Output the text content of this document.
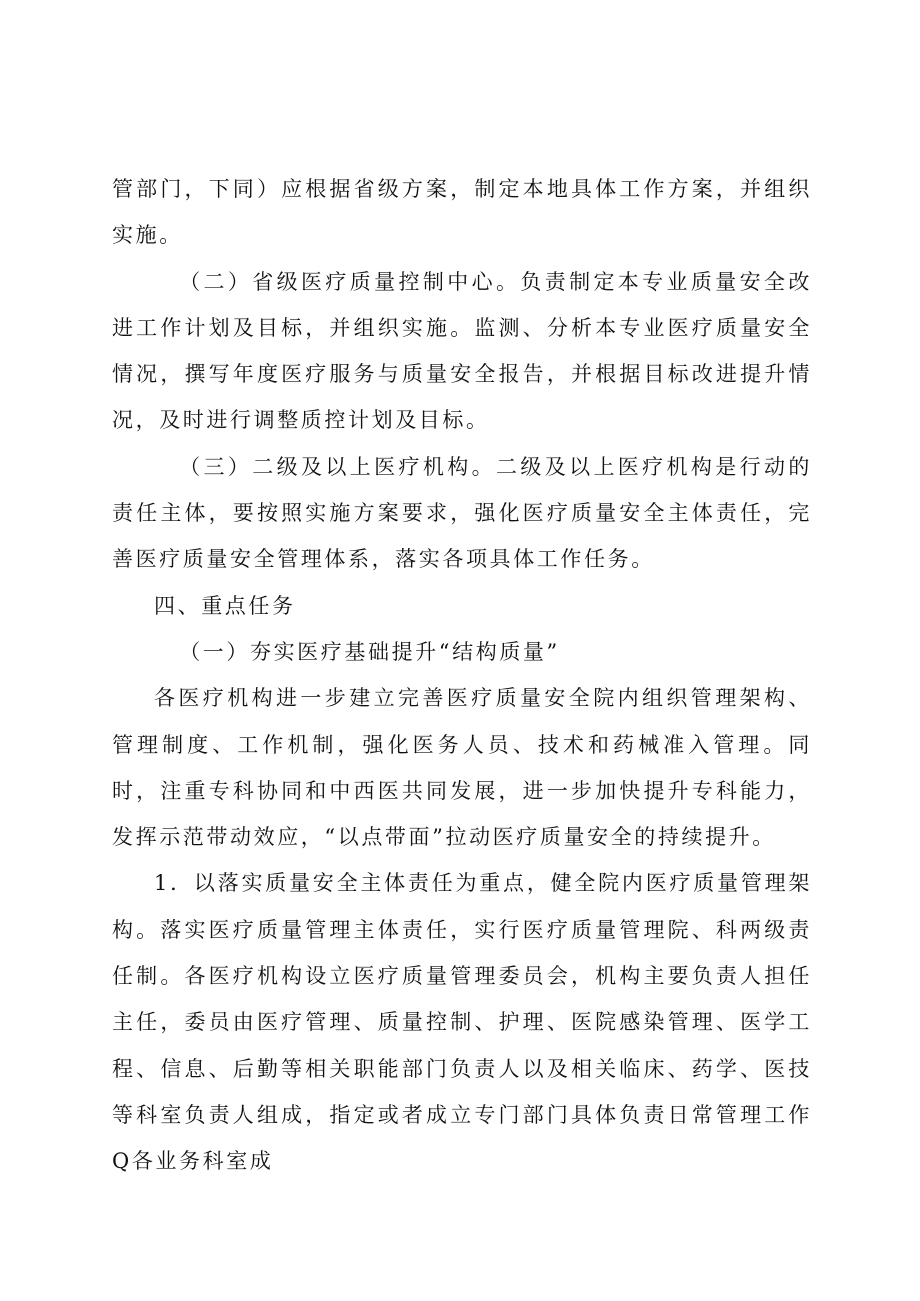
管部门，下同）应根据省级方案，制定本地具体工作方案，并组织实施。

（二）省级医疗质量控制中心。负责制定本专业质量安全改进工作计划及目标，并组织实施。监测、分析本专业医疗质量安全情况，撰写年度医疗服务与质量安全报告，并根据目标改进提升情况，及时进行调整质控计划及目标。

（三）二级及以上医疗机构。二级及以上医疗机构是行动的责任主体，要按照实施方案要求，强化医疗质量安全主体责任，完善医疗质量安全管理体系，落实各项具体工作任务。

四、重点任务

（一）夯实医疗基础提升“结构质量”

各医疗机构进一步建立完善医疗质量安全院内组织管理架构、管理制度、工作机制，强化医务人员、技术和药械准入管理。同时，注重专科协同和中西医共同发展，进一步加快提升专科能力，发挥示范带动效应，“以点带面”拉动医疗质量安全的持续提升。

1．以落实质量安全主体责任为重点，健全院内医疗质量管理架构。落实医疗质量管理主体责任，实行医疗质量管理院、科两级责任制。各医疗机构设立医疗质量管理委员会，机构主要负责人担任主任，委员由医疗管理、质量控制、护理、医院感染管理、医学工程、信息、后勤等相关职能部门负责人以及相关临床、药学、医技等科室负责人组成，指定或者成立专门部门具体负责日常管理工作Q各业务科室成
